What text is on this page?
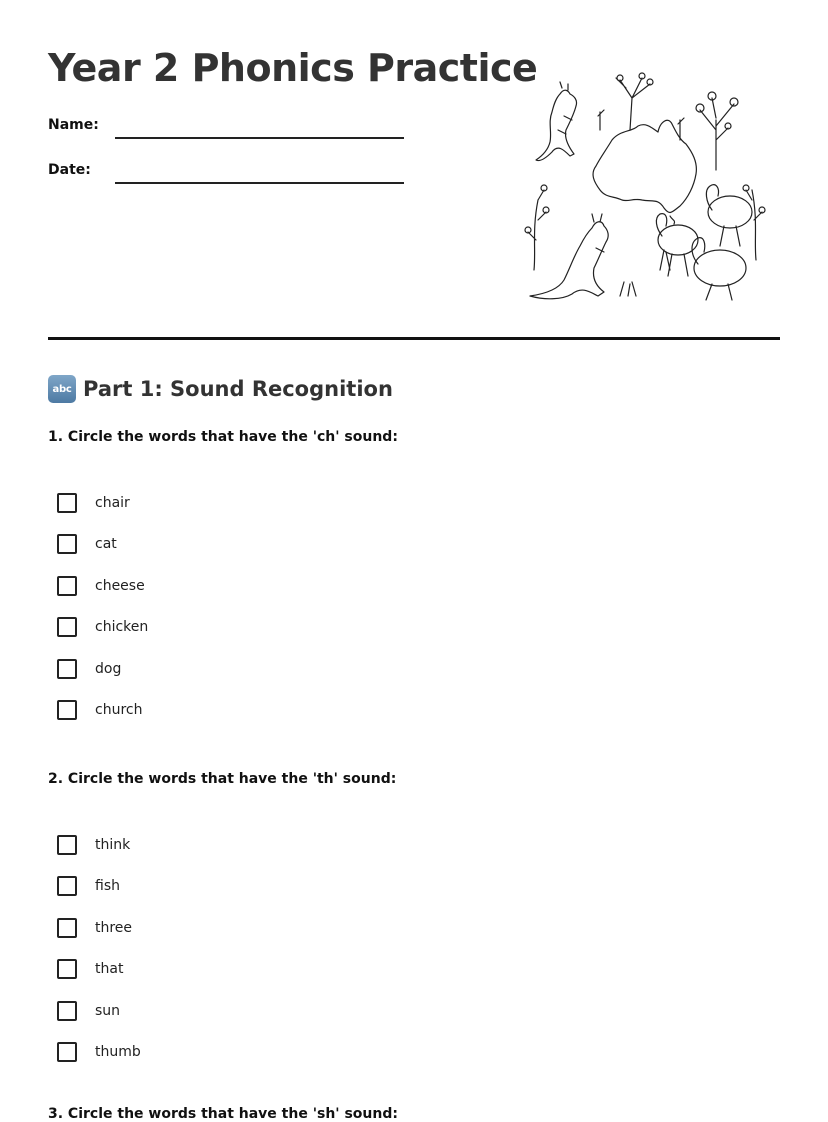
Year 2 Phonics Practice
Name:
Date:
abc Part 1: Sound Recognition
1. Circle the words that have the 'ch' sound:
chair
cat
cheese
chicken
dog
church
2. Circle the words that have the 'th' sound:
think
fish
three
that
sun
thumb
3. Circle the words that have the 'sh' sound:
